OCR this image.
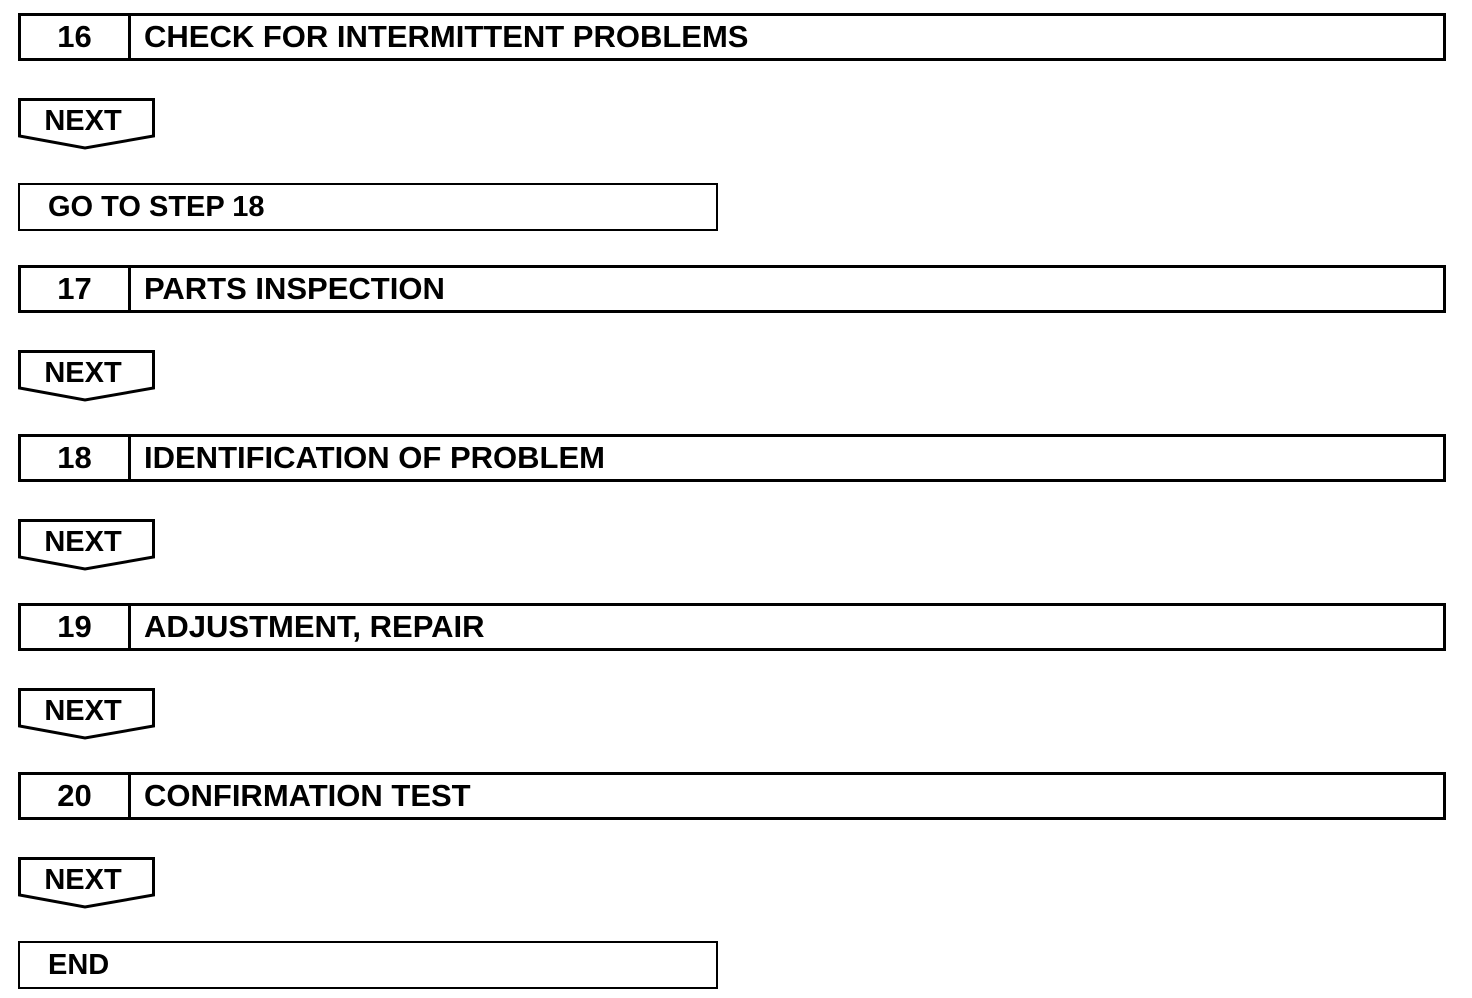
16	CHECK FOR INTERMITTENT PROBLEMS
NEXT
GO TO STEP 18
17	PARTS INSPECTION
NEXT
18	IDENTIFICATION OF PROBLEM
NEXT
19	ADJUSTMENT, REPAIR
NEXT
20	CONFIRMATION TEST
NEXT
END
